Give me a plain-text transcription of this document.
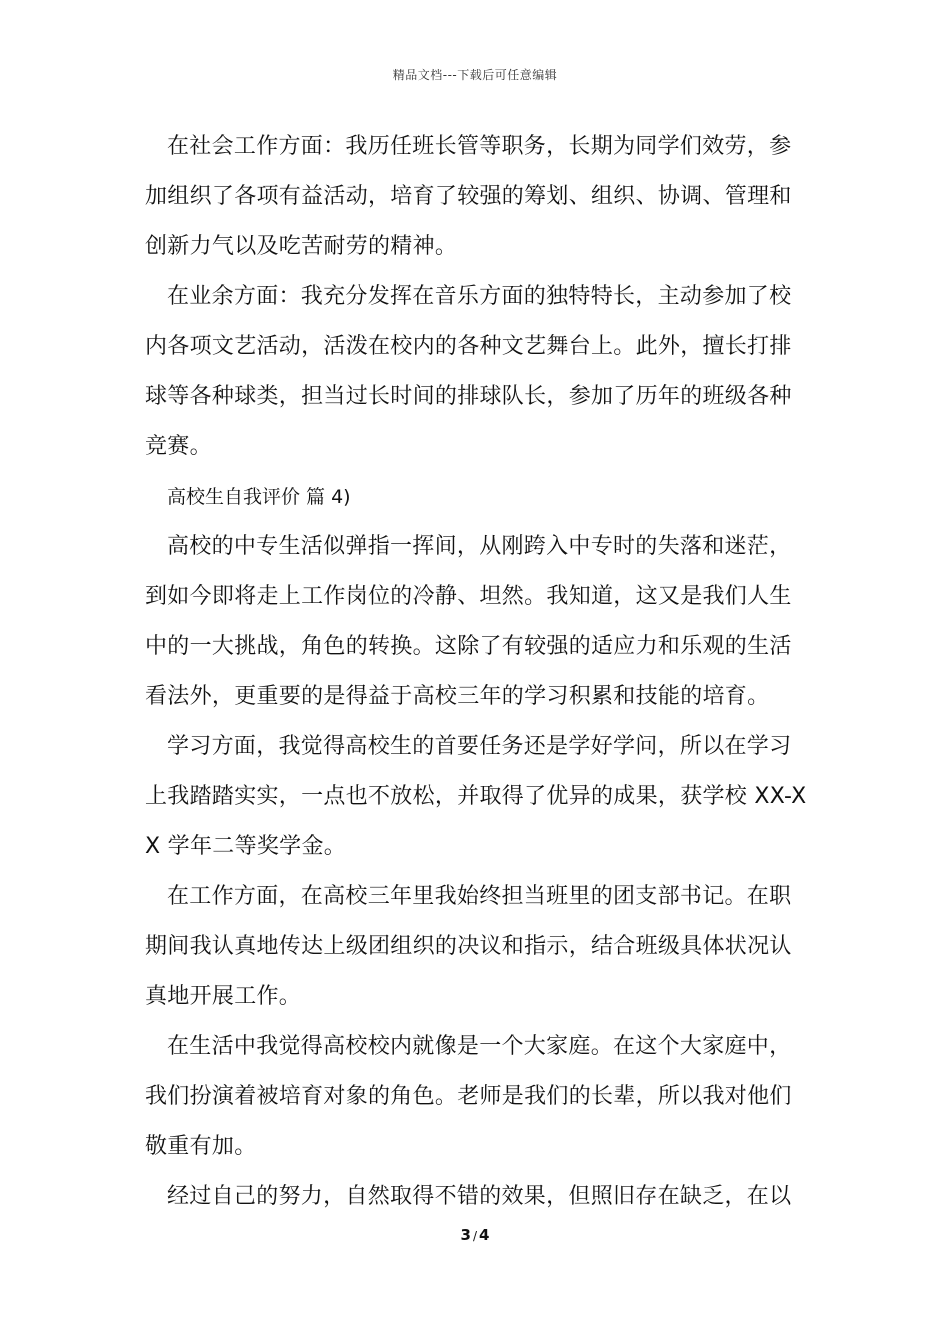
精品文档---下载后可任意编辑

在社会工作方面：我历任班长管等职务，长期为同学们效劳，参加组织了各项有益活动，培育了较强的筹划、组织、协调、管理和创新力气以及吃苦耐劳的精神。

在业余方面：我充分发挥在音乐方面的独特特长，主动参加了校内各项文艺活动，活泼在校内的各种文艺舞台上。此外，擅长打排球等各种球类，担当过长时间的排球队长，参加了历年的班级各种竞赛。

高校生自我评价 篇 4)

高校的中专生活似弹指一挥间，从刚跨入中专时的失落和迷茫，到如今即将走上工作岗位的冷静、坦然。我知道，这又是我们人生中的一大挑战，角色的转换。这除了有较强的适应力和乐观的生活看法外，更重要的是得益于高校三年的学习积累和技能的培育。

学习方面，我觉得高校生的首要任务还是学好学问，所以在学习上我踏踏实实，一点也不放松，并取得了优异的成果，获学校 XX-XX 学年二等奖学金。

在工作方面，在高校三年里我始终担当班里的团支部书记。在职期间我认真地传达上级团组织的决议和指示，结合班级具体状况认真地开展工作。

在生活中我觉得高校校内就像是一个大家庭。在这个大家庭中，我们扮演着被培育对象的角色。老师是我们的长辈，所以我对他们敬重有加。

经过自己的努力，自然取得不错的效果，但照旧存在缺乏，在以

3 / 4
